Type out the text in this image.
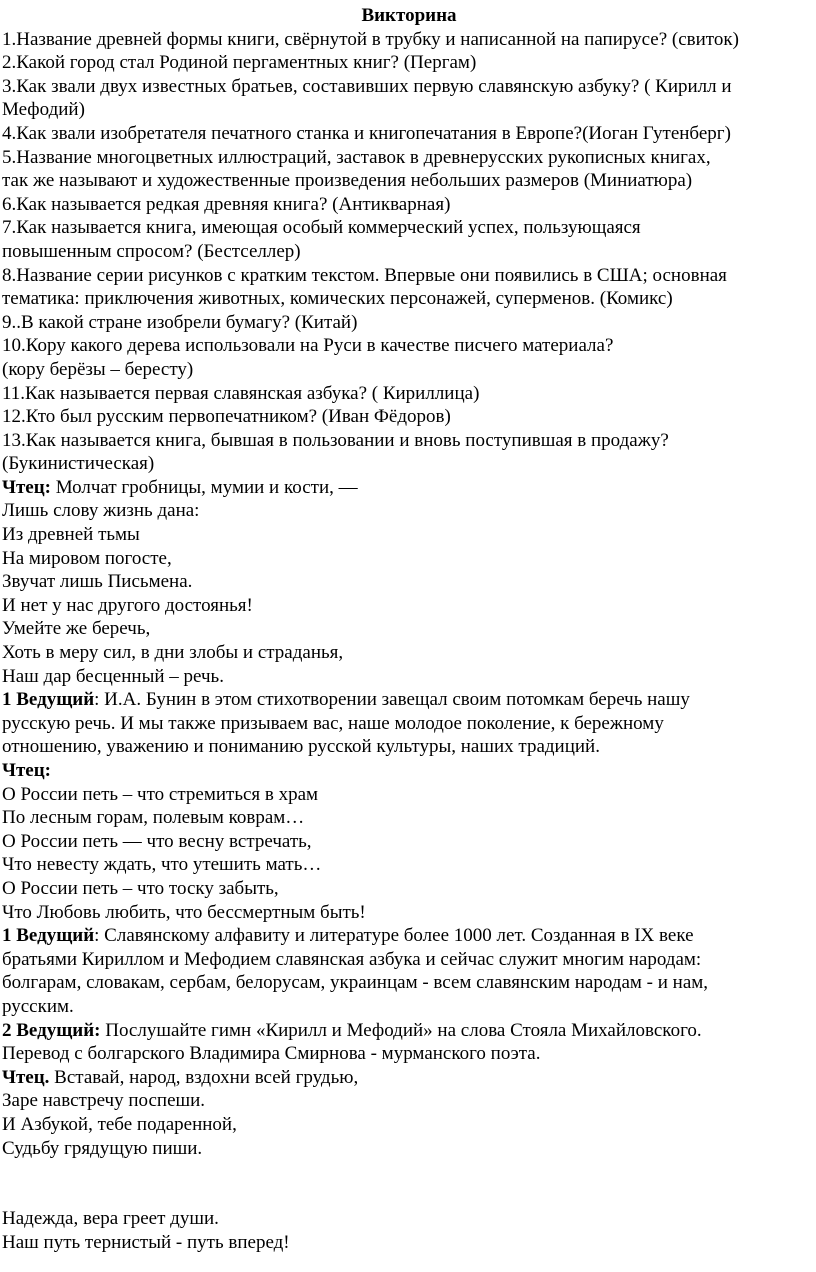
Викторина
1.Название древней формы книги, свёрнутой в трубку и написанной на папирусе? (свиток)
2.Какой город стал Родиной пергаментных книг? (Пергам)
3.Как звали двух известных братьев, составивших первую славянскую азбуку? ( Кирилл и
Мефодий)
4.Как звали изобретателя печатного станка и книгопечатания в Европе?(Иоган Гутенберг)
5.Название многоцветных иллюстраций, заставок в древнерусских рукописных книгах,
так же называют и художественные произведения небольших размеров (Миниатюра)
6.Как называется редкая древняя книга? (Антикварная)
7.Как называется книга, имеющая особый коммерческий успех, пользующаяся
повышенным спросом? (Бестселлер)
8.Название серии рисунков с кратким текстом. Впервые они появились в США; основная
тематика: приключения животных, комических персонажей, суперменов. (Комикс)
9..В какой стране изобрели бумагу? (Китай)
10.Кору какого дерева использовали на Руси в качестве писчего материала?
(кору берёзы – бересту)
11.Как называется первая славянская азбука? ( Кириллица)
12.Кто был русским первопечатником? (Иван Фёдоров)
13.Как называется книга, бывшая в пользовании и вновь поступившая в продажу?
(Букинистическая)
Чтец: Молчат гробницы, мумии и кости, —
Лишь слову жизнь дана:
Из древней тьмы
На мировом погосте,
Звучат лишь Письмена.
И нет у нас другого достоянья!
Умейте же беречь,
Хоть в меру сил, в дни злобы и страданья,
Наш дар бесценный – речь.
1 Ведущий: И.А. Бунин в этом стихотворении завещал своим потомкам беречь нашу
русскую речь. И мы также призываем вас, наше молодое поколение, к бережному
отношению, уважению и пониманию русской культуры, наших традиций.
Чтец:
О России петь – что стремиться в храм
По лесным горам, полевым коврам…
О России петь — что весну встречать,
Что невесту ждать, что утешить мать…
О России петь – что тоску забыть,
Что Любовь любить, что бессмертным быть!
1 Ведущий: Славянскому алфавиту и литературе более 1000 лет. Созданная в IX веке
братьями Кириллом и Мефодием славянская азбука и сейчас служит многим народам:
болгарам, словакам, сербам, белорусам, украинцам - всем славянским народам - и нам,
русским.
2 Ведущий: Послушайте гимн «Кирилл и Мефодий» на слова Стояла Михайловского.
Перевод с болгарского Владимира Смирнова - мурманского поэта.
Чтец. Вставай, народ, вздохни всей грудью,
Заре навстречу поспеши.
И Азбукой, тебе подаренной,
Судьбу грядущую пиши.
Надежда, вера греет души.
Наш путь тернистый - путь вперед!
